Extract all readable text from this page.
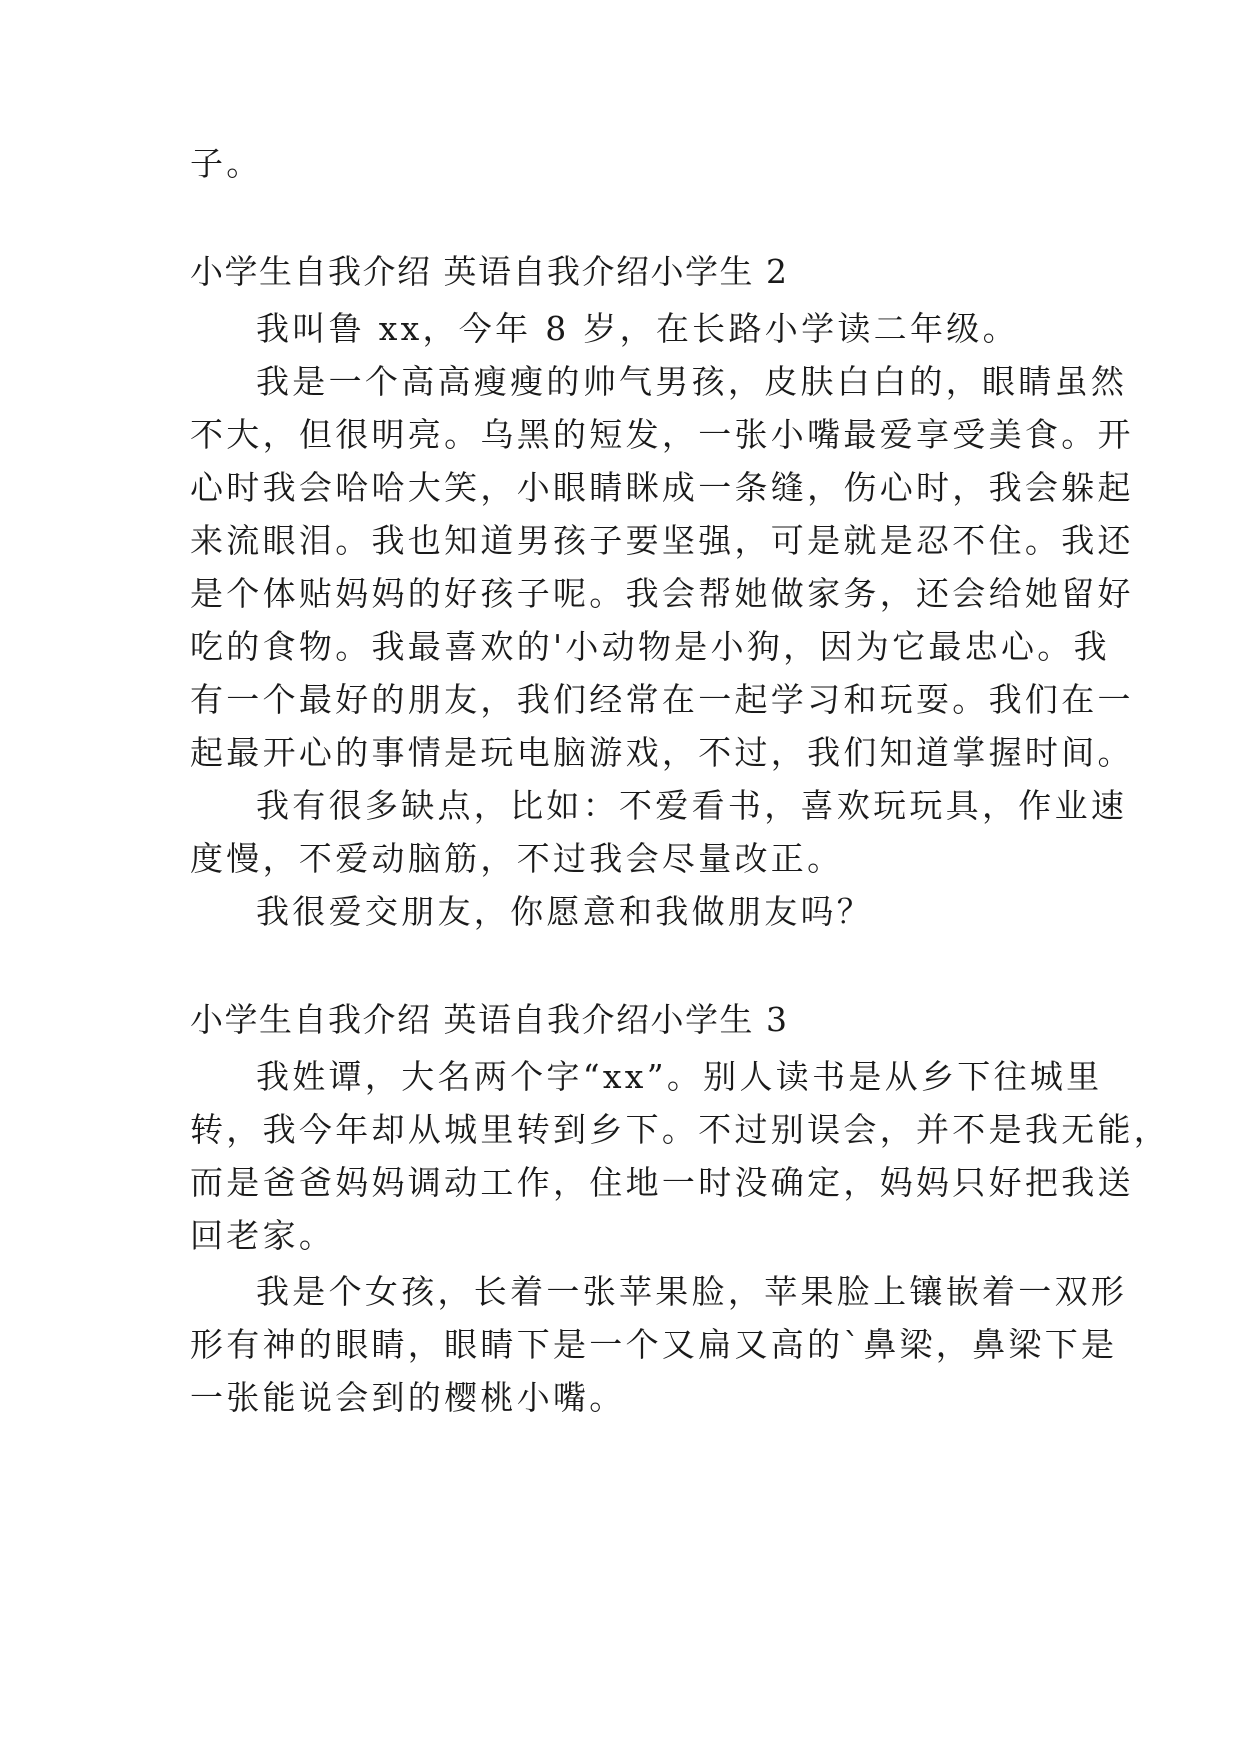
子。
小学生自我介绍 英语自我介绍小学生 2
我叫鲁 xx，今年 8 岁，在长路小学读二年级。
我是一个高高瘦瘦的帅气男孩，皮肤白白的，眼睛虽然
不大，但很明亮。乌黑的短发，一张小嘴最爱享受美食。开
心时我会哈哈大笑，小眼睛眯成一条缝，伤心时，我会躲起
来流眼泪。我也知道男孩子要坚强，可是就是忍不住。我还
是个体贴妈妈的好孩子呢。我会帮她做家务，还会给她留好
吃的食物。我最喜欢的'小动物是小狗，因为它最忠心。我
有一个最好的朋友，我们经常在一起学习和玩耍。我们在一
起最开心的事情是玩电脑游戏，不过，我们知道掌握时间。
我有很多缺点，比如：不爱看书，喜欢玩玩具，作业速
度慢，不爱动脑筋，不过我会尽量改正。
我很爱交朋友，你愿意和我做朋友吗？
小学生自我介绍 英语自我介绍小学生 3
我姓谭，大名两个字“xx”。别人读书是从乡下往城里
转，我今年却从城里转到乡下。不过别误会，并不是我无能，
而是爸爸妈妈调动工作，住地一时没确定，妈妈只好把我送
回老家。
我是个女孩，长着一张苹果脸，苹果脸上镶嵌着一双形
形有神的眼睛，眼睛下是一个又扁又高的`鼻梁，鼻梁下是
一张能说会到的樱桃小嘴。
